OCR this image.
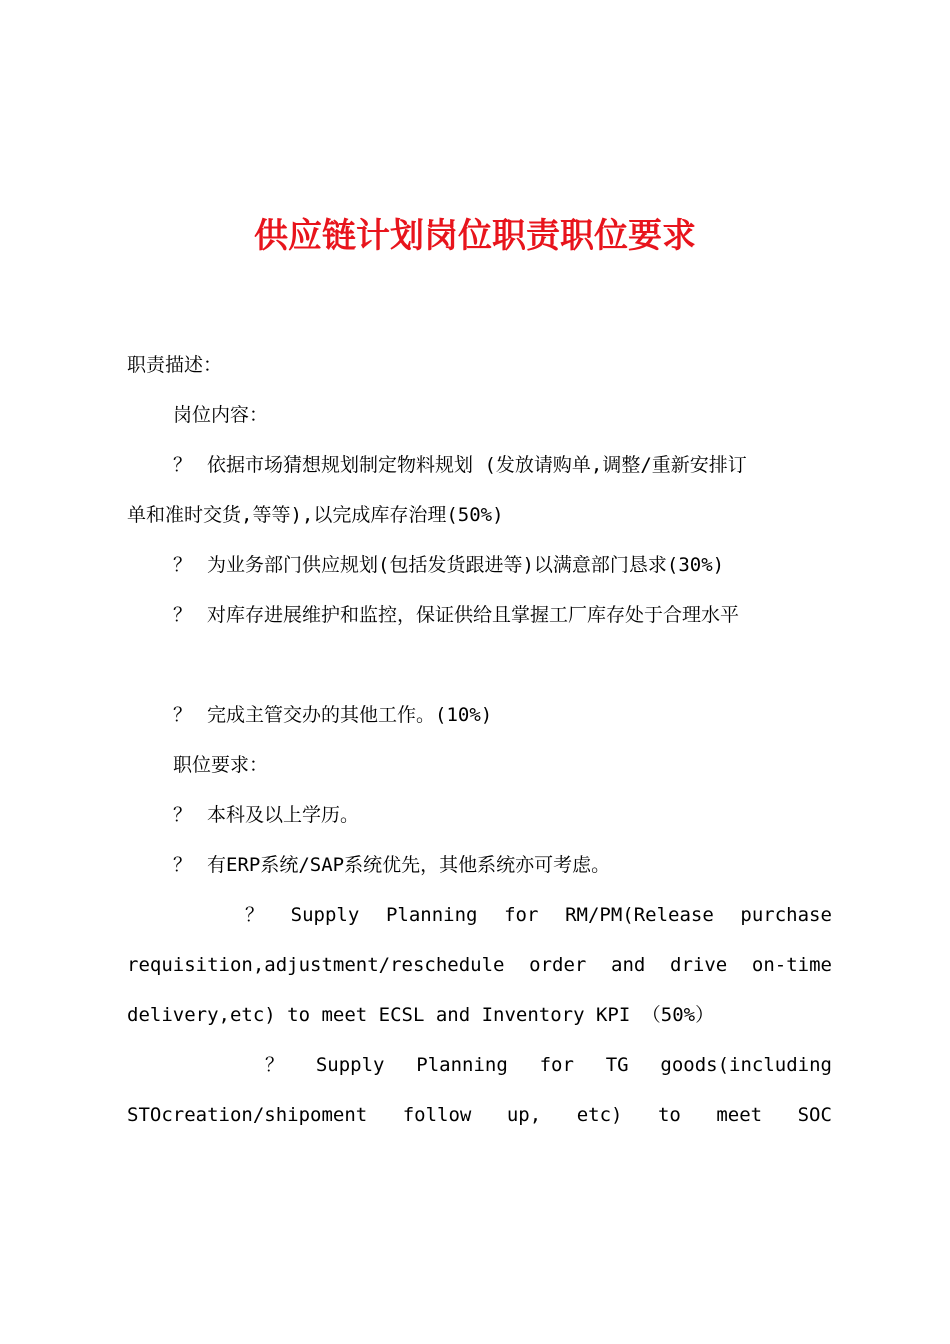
供应链计划岗位职责职位要求
职责描述：
岗位内容：
？ 依据市场猜想规划制定物料规划 (发放请购单,调整/重新安排订
单和准时交货,等等),以完成库存治理(50%)
？ 为业务部门供应规划(包括发货跟进等)以满意部门恳求(30%)
？ 对库存进展维护和监控，保证供给且掌握工厂库存处于合理水平
？ 完成主管交办的其他工作。(10%)
职位要求：
？ 本科及以上学历。
？ 有ERP系统/SAP系统优先，其他系统亦可考虑。
？ Supply Planning for RM/PM(Release purchase
requisition,adjustment/reschedule order and drive on-time
delivery,etc) to meet ECSL and Inventory KPI （50%）
？ Supply Planning for TG goods(including
STOcreation/shipoment follow up, etc) to meet SOC
